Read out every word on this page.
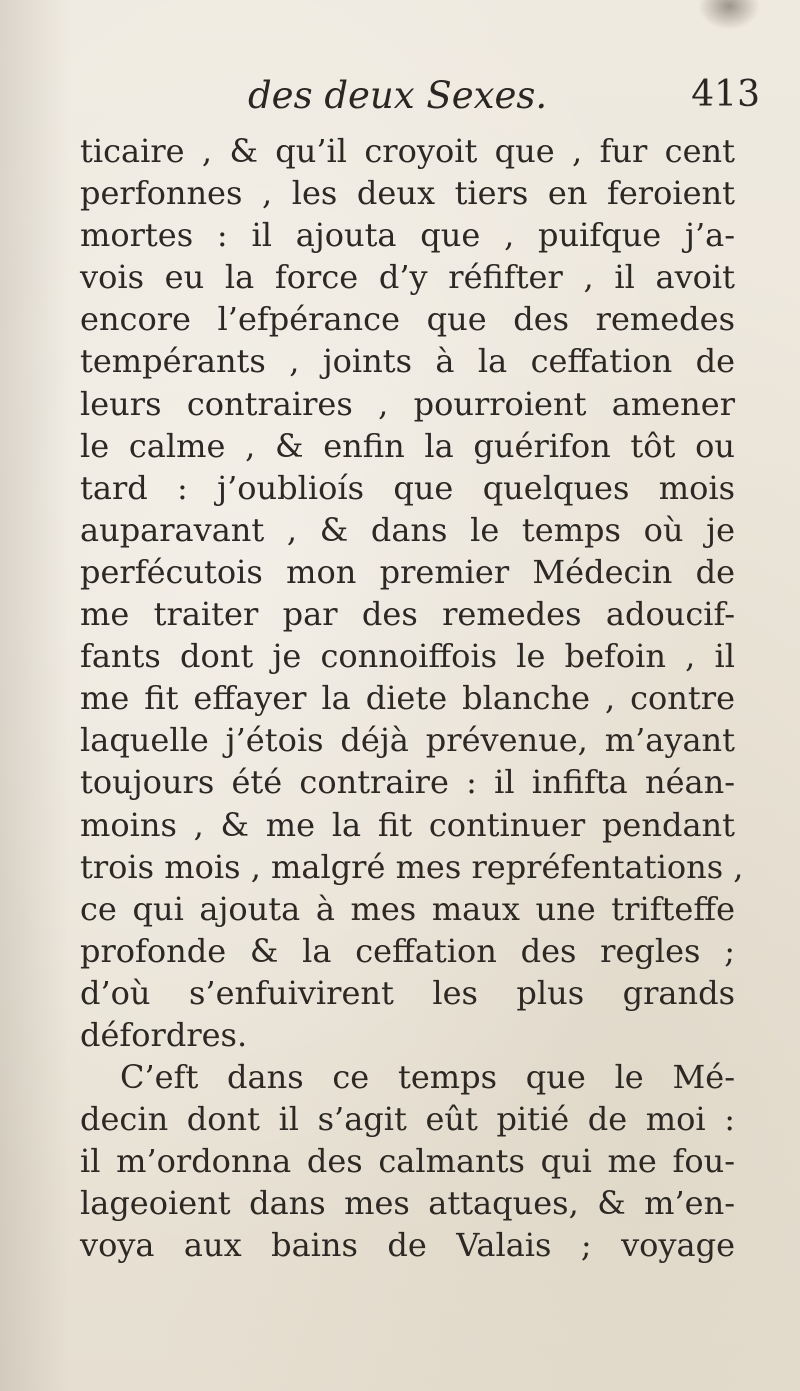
des deux Sexes.	413
ticaire , & qu’il croyoit que , fur cent
perfonnes , les deux tiers en feroient
mortes : il ajouta que , puifque j’a-
vois eu la force d’y réfifter , il avoit
encore l’efpérance que des remedes
tempérants , joints à la ceffation de
leurs contraires , pourroient amener
le calme , & enfin la guérifon tôt ou
tard : j’oublioís que quelques mois
auparavant , & dans le temps où je
perfécutois mon premier Médecin de
me traiter par des remedes adoucif-
fants dont je connoiffois le befoin , il
me fit effayer la diete blanche , contre
laquelle j’étois déjà prévenue, m’ayant
toujours été contraire : il infifta néan-
moins , & me la fit continuer pendant
trois mois , malgré mes repréfentations ,
ce qui ajouta à mes maux une trifteffe
profonde & la ceffation des regles ;
d’où s’enfuivirent les plus grands
défordres.
C’eft dans ce temps que le Mé-
decin dont il s’agit eût pitié de moi :
il m’ordonna des calmants qui me fou-
lageoient dans mes attaques, & m’en-
voya aux bains de Valais ; voyage
